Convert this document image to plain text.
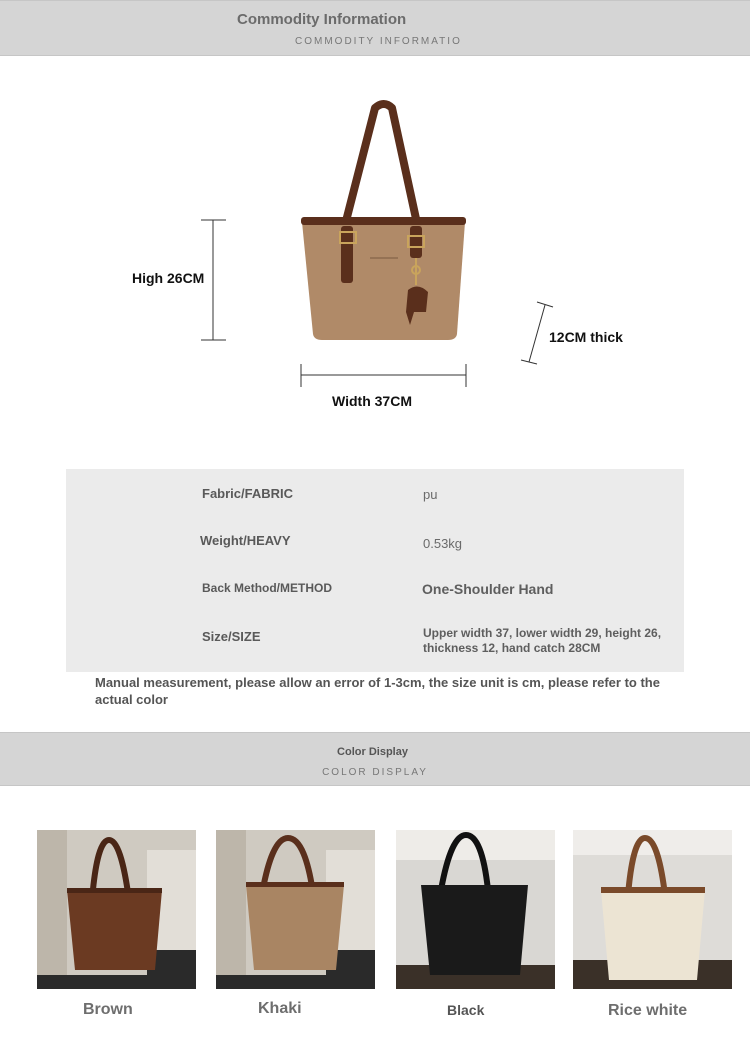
Commodity Information
COMMODITY INFORMATIO
High 26CM
Width 37CM
12CM thick
Fabric/FABRIC	pu
Weight/HEAVY	0.53kg
Back Method/METHOD	One-Shoulder Hand
Size/SIZE	Upper width 37, lower width 29, height 26, thickness 12, hand catch 28CM
Manual measurement, please allow an error of 1-3cm, the size unit is cm, please refer to the actual color
Color Display
COLOR DISPLAY
Brown	Khaki	Black	Rice white
